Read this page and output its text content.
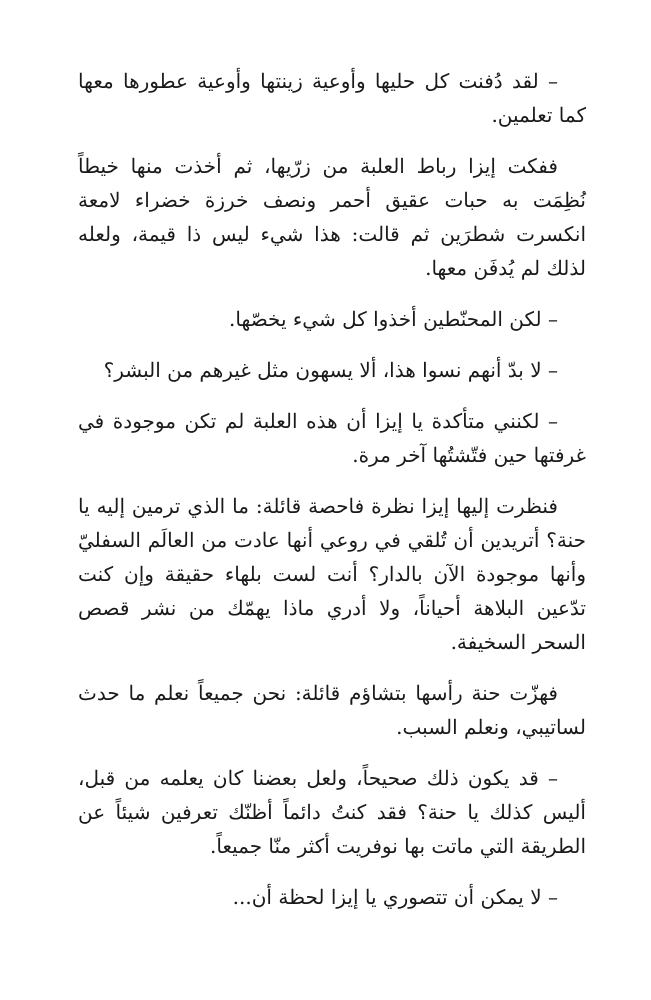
– لقد دُفنت كل حليها وأوعية زينتها وأوعية عطورها معها كما تعلمين.

ففكت إيزا رباط العلبة من زرّيها، ثم أخذت منها خيطاً نُظِمَت به حبات عقيق أحمر ونصف خرزة خضراء لامعة انكسرت شطرَين ثم قالت: هذا شيء ليس ذا قيمة، ولعله لذلك لم يُدفَن معها.

– لكن المحنّطين أخذوا كل شيء يخصّها.

– لا بدّ أنهم نسوا هذا، ألا يسهون مثل غيرهم من البشر؟

– لكنني متأكدة يا إيزا أن هذه العلبة لم تكن موجودة في غرفتها حين فتّشتُها آخر مرة.

فنظرت إليها إيزا نظرة فاحصة قائلة: ما الذي ترمين إليه يا حنة؟ أتريدين أن تُلقي في روعي أنها عادت من العالَم السفليّ وأنها موجودة الآن بالدار؟ أنت لست بلهاء حقيقة وإن كنت تدّعين البلاهة أحياناً، ولا أدري ماذا يهمّك من نشر قصص السحر السخيفة.

فهزّت حنة رأسها بتشاؤم قائلة: نحن جميعاً نعلم ما حدث لساتيبي، ونعلم السبب.

– قد يكون ذلك صحيحاً، ولعل بعضنا كان يعلمه من قبل، أليس كذلك يا حنة؟ فقد كنتُ دائماً أظنّك تعرفين شيئاً عن الطريقة التي ماتت بها نوفريت أكثر منّا جميعاً.

– لا يمكن أن تتصوري يا إيزا لحظة أن...
